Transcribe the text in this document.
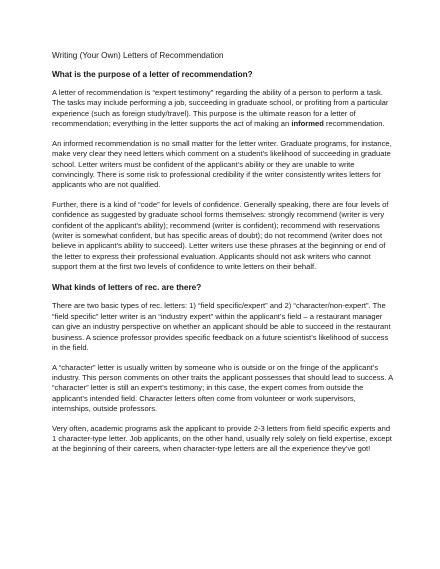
Writing (Your Own) Letters of Recommendation
What is the purpose of a letter of recommendation?

A letter of recommendation is “expert testimony” regarding the ability of a person to perform a task. The tasks may include performing a job, succeeding in graduate school, or profiting from a particular experience (such as foreign study/travel). This purpose is the ultimate reason for a letter of recommendation; everything in the letter supports the act of making an informed recommendation.

An informed recommendation is no small matter for the letter writer. Graduate programs, for instance, make very clear they need letters which comment on a student’s likelihood of succeeding in graduate school. Letter writers must be confident of the applicant’s ability or they are unable to write convincingly. There is some risk to professional credibility if the writer consistently writes letters for applicants who are not qualified.

Further, there is a kind of “code” for levels of confidence. Generally speaking, there are four levels of confidence as suggested by graduate school forms themselves: strongly recommend (writer is very confident of the applicant’s ability); recommend (writer is confident); recommend with reservations (writer is somewhat confident, but has specific areas of doubt); do not recommend (writer does not believe in applicant’s ability to succeed). Letter writers use these phrases at the beginning or end of the letter to express their professional evaluation. Applicants should not ask writers who cannot support them at the first two levels of confidence to write letters on their behalf.

What kinds of letters of rec. are there?

There are two basic types of rec. letters: 1) “field specific/expert” and 2) “character/non-expert”. The “field specific” letter writer is an “industry expert” within the applicant’s field – a restaurant manager can give an industry perspective on whether an applicant should be able to succeed in the restaurant business. A science professor provides specific feedback on a future scientist’s likelihood of success in the field.

A “character” letter is usually written by someone who is outside or on the fringe of the applicant’s industry. This person comments on other traits the applicant possesses that should lead to success. A “character” letter is still an expert’s testimony; in this case, the expert comes from outside the applicant’s intended field. Character letters often come from volunteer or work supervisors, internships, outside professors.

Very often, academic programs ask the applicant to provide 2-3 letters from field specific experts and 1 character-type letter. Job applicants, on the other hand, usually rely solely on field expertise, except at the beginning of their careers, when character-type letters are all the experience they’ve got!
